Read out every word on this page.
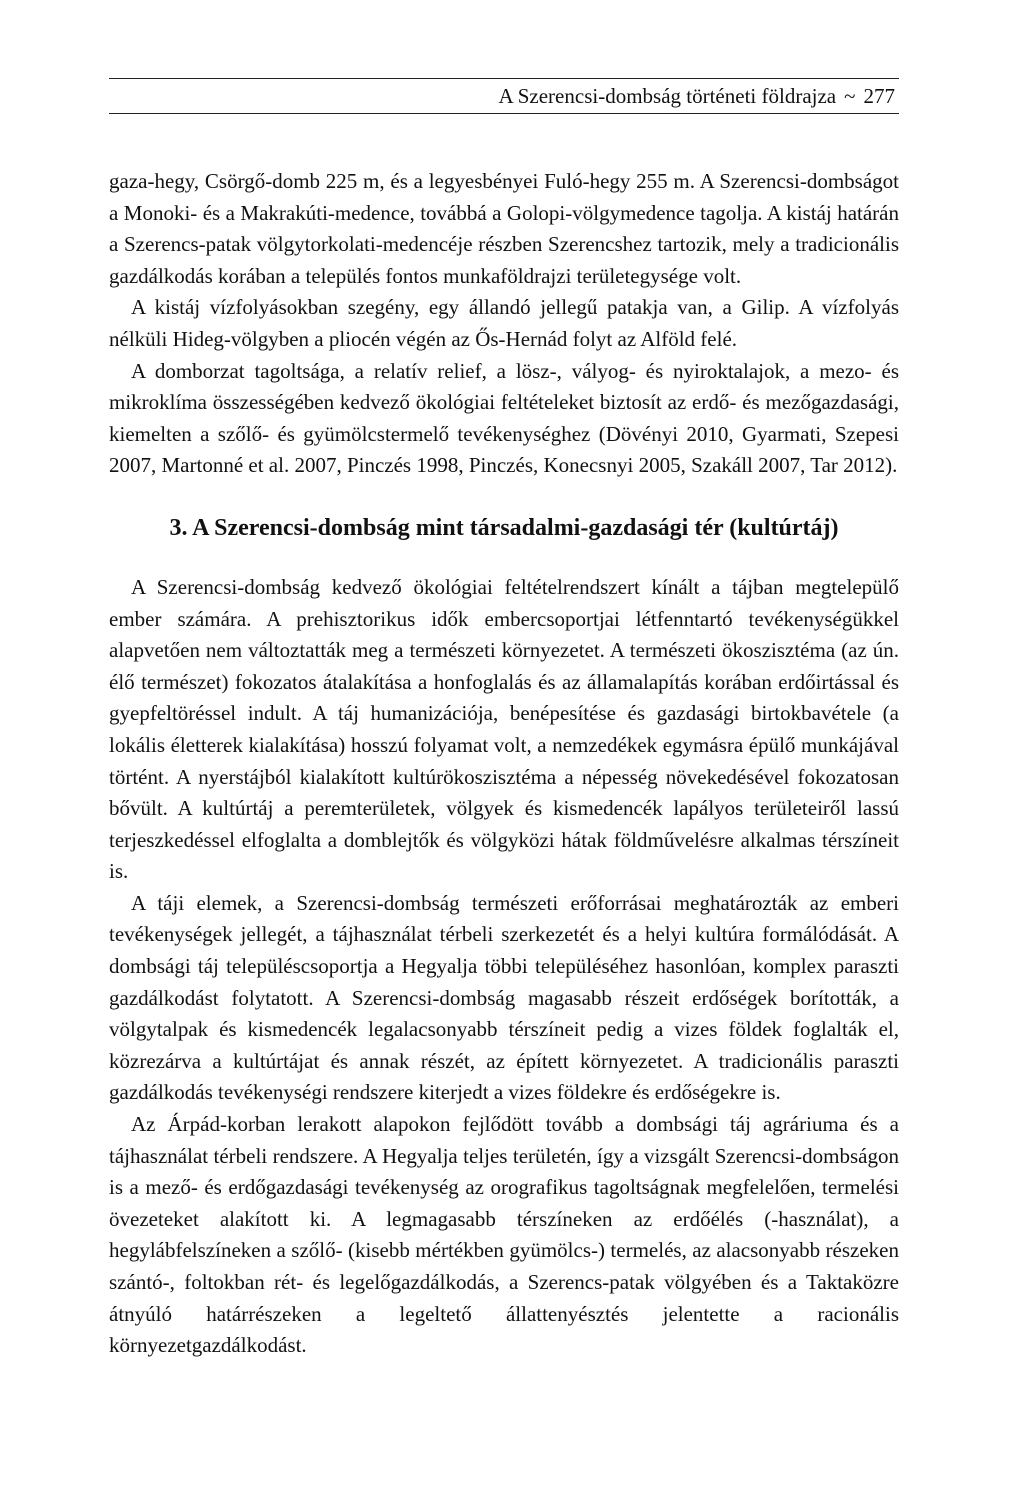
A Szerencsi-dombság történeti földrajza ~ 277

gaza-hegy, Csörgő-domb 225 m, és a legyesbényei Fuló-hegy 255 m. A Szerencsi-dombságot a Monoki- és a Makrakúti-medence, továbbá a Golopi-völgymedence tagolja. A kistáj határán a Szerencs-patak völgytorkolati-medencéje részben Szerencshez tartozik, mely a tradicionális gazdálkodás korában a település fontos munkaföldrajzi területegysége volt.

A kistáj vízfolyásokban szegény, egy állandó jellegű patakja van, a Gilip. A vízfolyás nélküli Hideg-völgyben a pliocén végén az Ős-Hernád folyt az Alföld felé.

A domborzat tagoltsága, a relatív relief, a lösz-, vályog- és nyiroktalajok, a mezo- és mikroklíma összességében kedvező ökológiai feltételeket biztosít az erdő- és mezőgazdasági, kiemelten a szőlő- és gyümölcstermelő tevékenységhez (Dövényi 2010, Gyarmati, Szepesi 2007, Martonné et al. 2007, Pinczés 1998, Pinczés, Konecsnyi 2005, Szakáll 2007, Tar 2012).

3. A Szerencsi-dombság mint társadalmi-gazdasági tér (kultúrtáj)

A Szerencsi-dombság kedvező ökológiai feltételrendszert kínált a tájban megtelepülő ember számára. A prehisztorikus idők embercsoportjai létfenntartó tevékenységükkel alapvetően nem változtatták meg a természeti környezetet. A természeti ökoszisztéma (az ún. élő természet) fokozatos átalakítása a honfoglalás és az államalapítás korában erdőirtással és gyepfeltöréssel indult. A táj humanizációja, benépesítése és gazdasági birtokbavétele (a lokális életterek kialakítása) hosszú folyamat volt, a nemzedékek egymásra épülő munkájával történt. A nyerstájból kialakított kultúrökoszisztéma a népesség növekedésével fokozatosan bővült. A kultúrtáj a peremterületek, völgyek és kismedencék lapályos területeiről lassú terjeszkedéssel elfoglalta a domblejtők és völgyközi hátak földművelésre alkalmas térszíneit is.

A táji elemek, a Szerencsi-dombság természeti erőforrásai meghatározták az emberi tevékenységek jellegét, a tájhasználat térbeli szerkezetét és a helyi kultúra formálódását. A dombsági táj településcsoportja a Hegyalja többi településéhez hasonlóan, komplex paraszti gazdálkodást folytatott. A Szerencsi-dombság magasabb részeit erdőségek borították, a völgytalpak és kismedencék legalacsonyabb térszíneit pedig a vizes földek foglalták el, közrezárva a kultúrtájat és annak részét, az épített környezetet. A tradicionális paraszti gazdálkodás tevékenységi rendszere kiterjedt a vizes földekre és erdőségekre is.

Az Árpád-korban lerakott alapokon fejlődött tovább a dombsági táj agráriuma és a tájhasználat térbeli rendszere. A Hegyalja teljes területén, így a vizsgált Szerencsi-dombságon is a mező- és erdőgazdasági tevékenység az orografikus tagoltságnak megfelelően, termelési övezeteket alakított ki. A legmagasabb térszíneken az erdőélés (-használat), a hegylábfelszíneken a szőlő- (kisebb mértékben gyümölcs-) termelés, az alacsonyabb részeken szántó-, foltokban rét- és legelőgazdálkodás, a Szerencs-patak völgyében és a Taktaközre átnyúló határrészeken a legeltető állattenyésztés jelentette a racionális környezetgazdálkodást.
